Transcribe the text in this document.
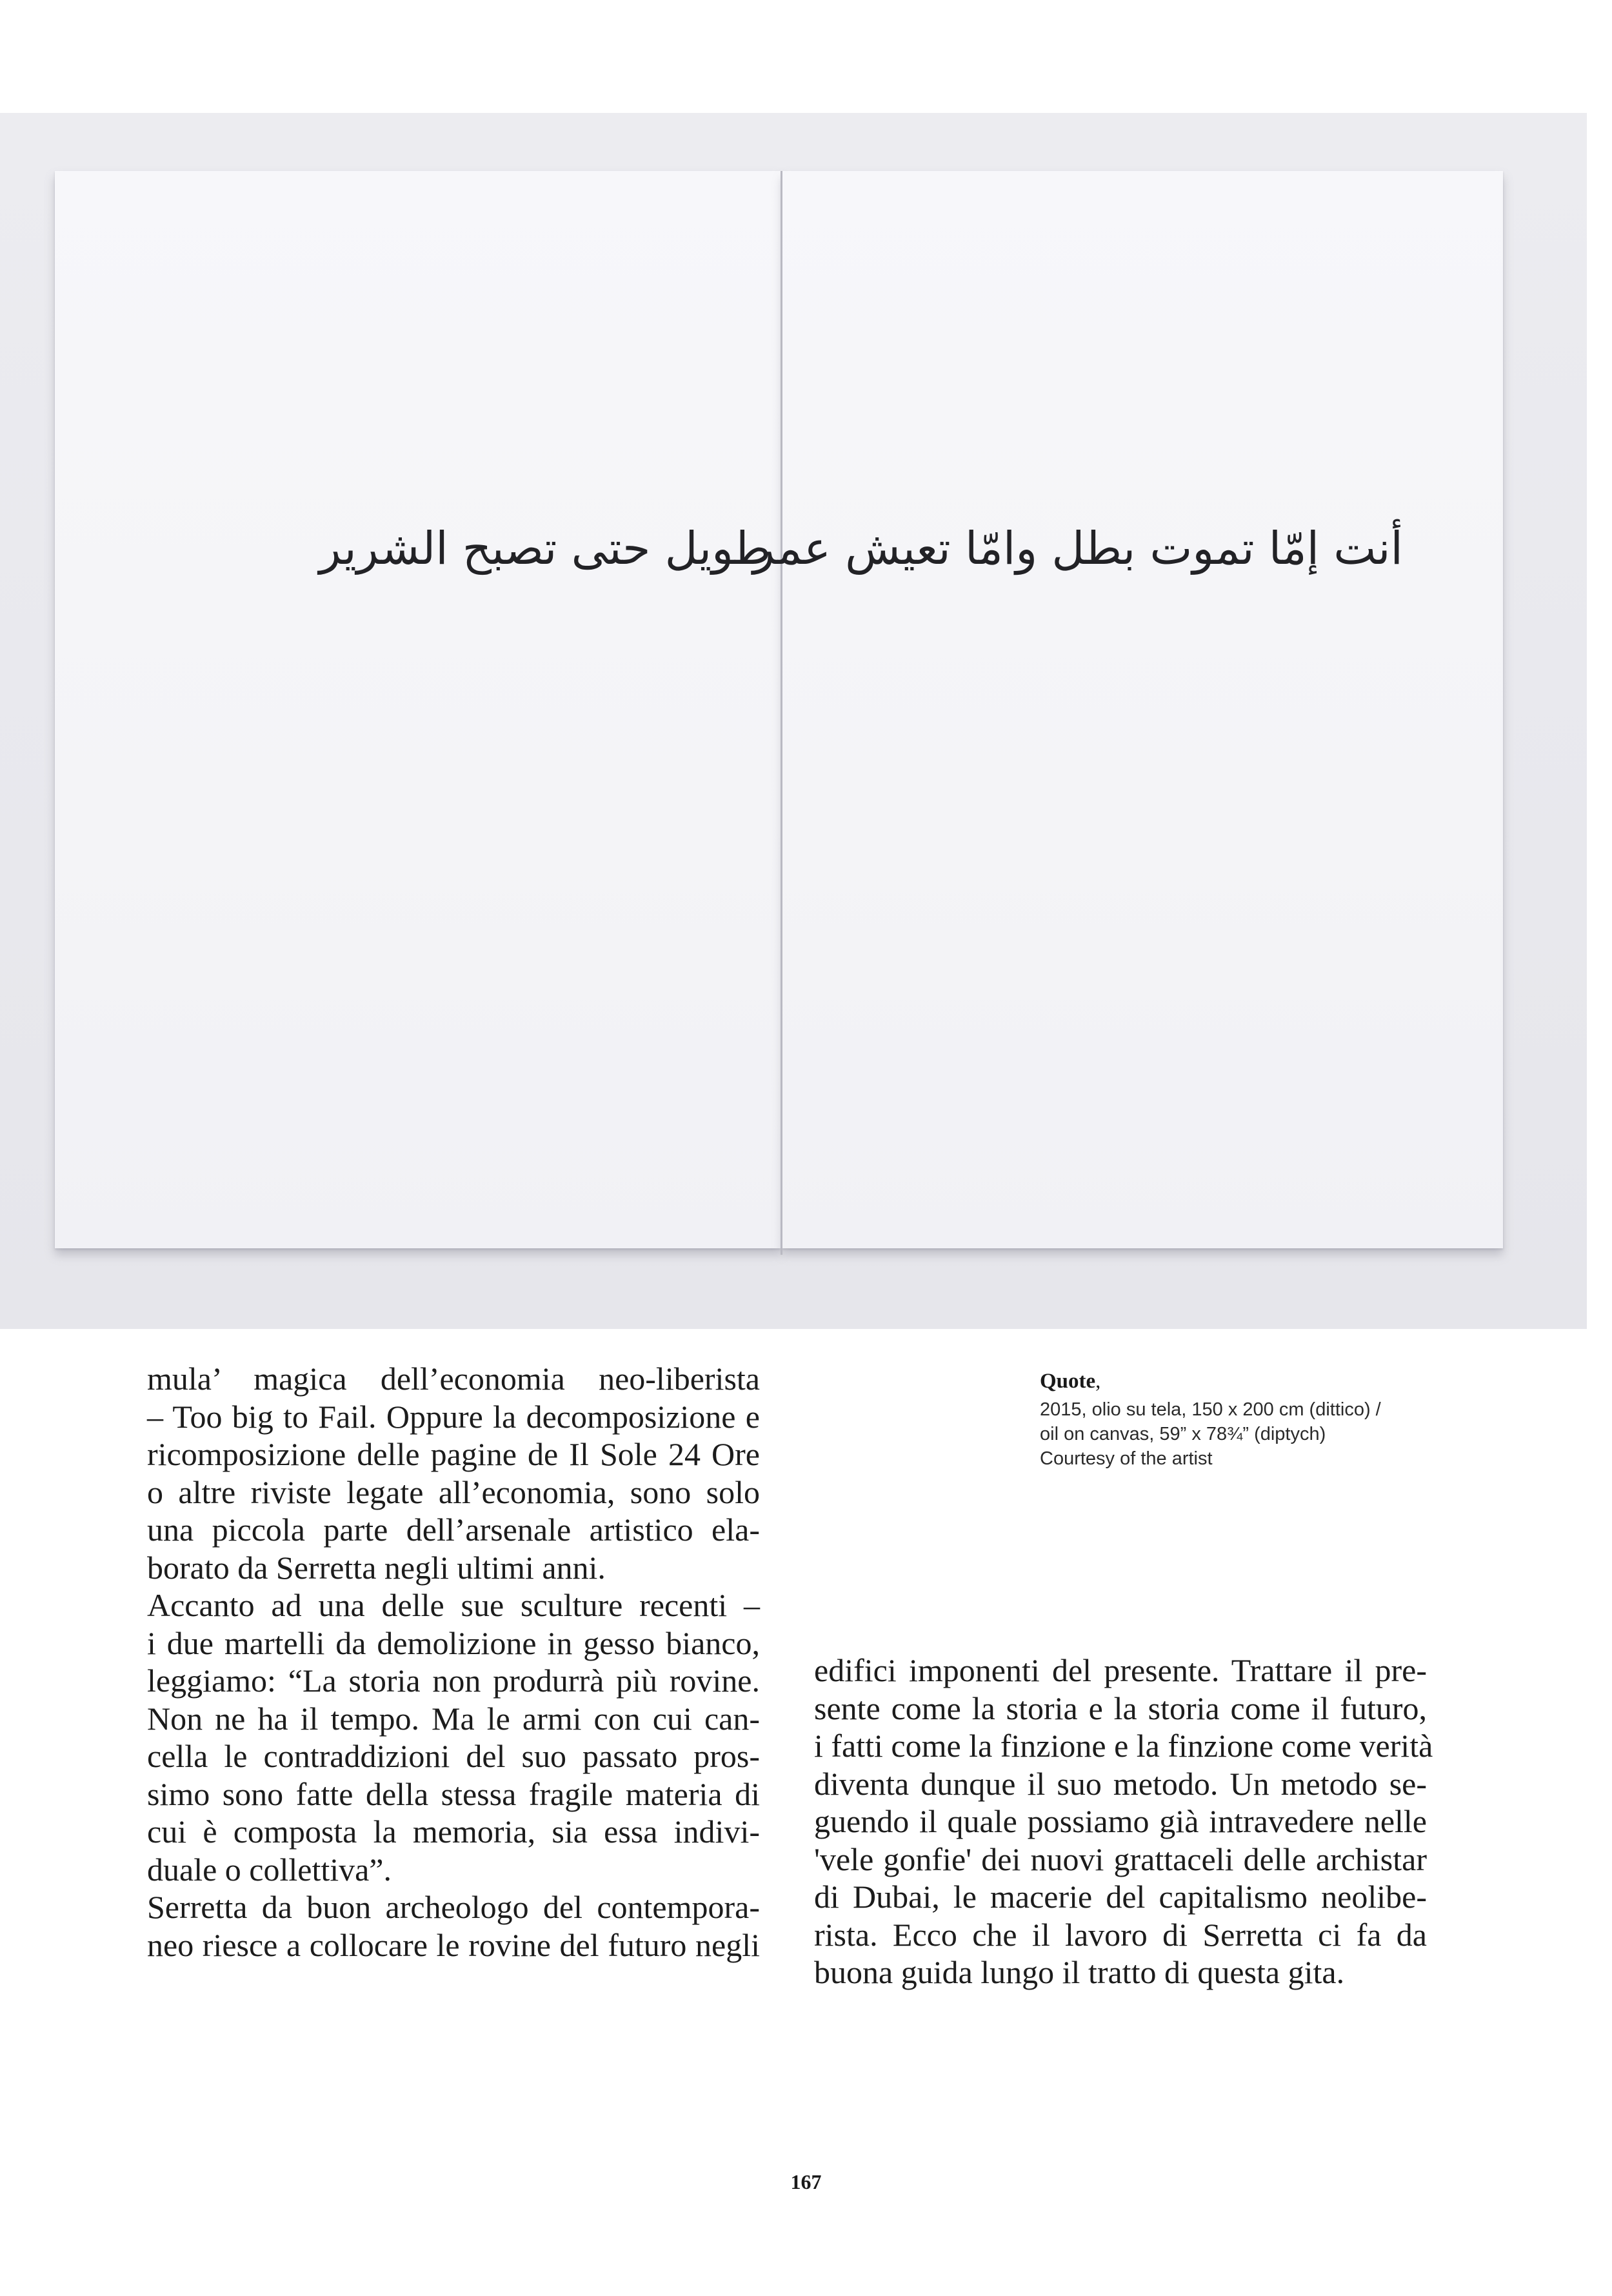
أنت إمّا تموت بطل وامّا تعيش عمر
طويل حتى تصبح الشرير
Quote,
2015, olio su tela, 150 x 200 cm (dittico) /
oil on canvas, 59” x 78¾” (diptych)
Courtesy of the artist
mula’ magica dell’economia neo-liberista
– Too big to Fail. Oppure la decomposizione e
ricomposizione delle pagine de Il Sole 24 Ore
o altre riviste legate all’economia, sono solo
una piccola parte dell’arsenale artistico ela-
borato da Serretta negli ultimi anni.
Accanto ad una delle sue sculture recenti –
i due martelli da demolizione in gesso bianco,
leggiamo: “La storia non produrrà più rovine.
Non ne ha il tempo. Ma le armi con cui can-
cella le contraddizioni del suo passato pros-
simo sono fatte della stessa fragile materia di
cui è composta la memoria, sia essa indivi-
duale o collettiva”.
Serretta da buon archeologo del contempora-
neo riesce a collocare le rovine del futuro negli
edifici imponenti del presente. Trattare il pre-
sente come la storia e la storia come il futuro,
i fatti come la finzione e la finzione come verità
diventa dunque il suo metodo. Un metodo se-
guendo il quale possiamo già intravedere nelle
'vele gonfie' dei nuovi grattaceli delle archistar
di Dubai, le macerie del capitalismo neolibe-
rista. Ecco che il lavoro di Serretta ci fa da
buona guida lungo il tratto di questa gita.
167
